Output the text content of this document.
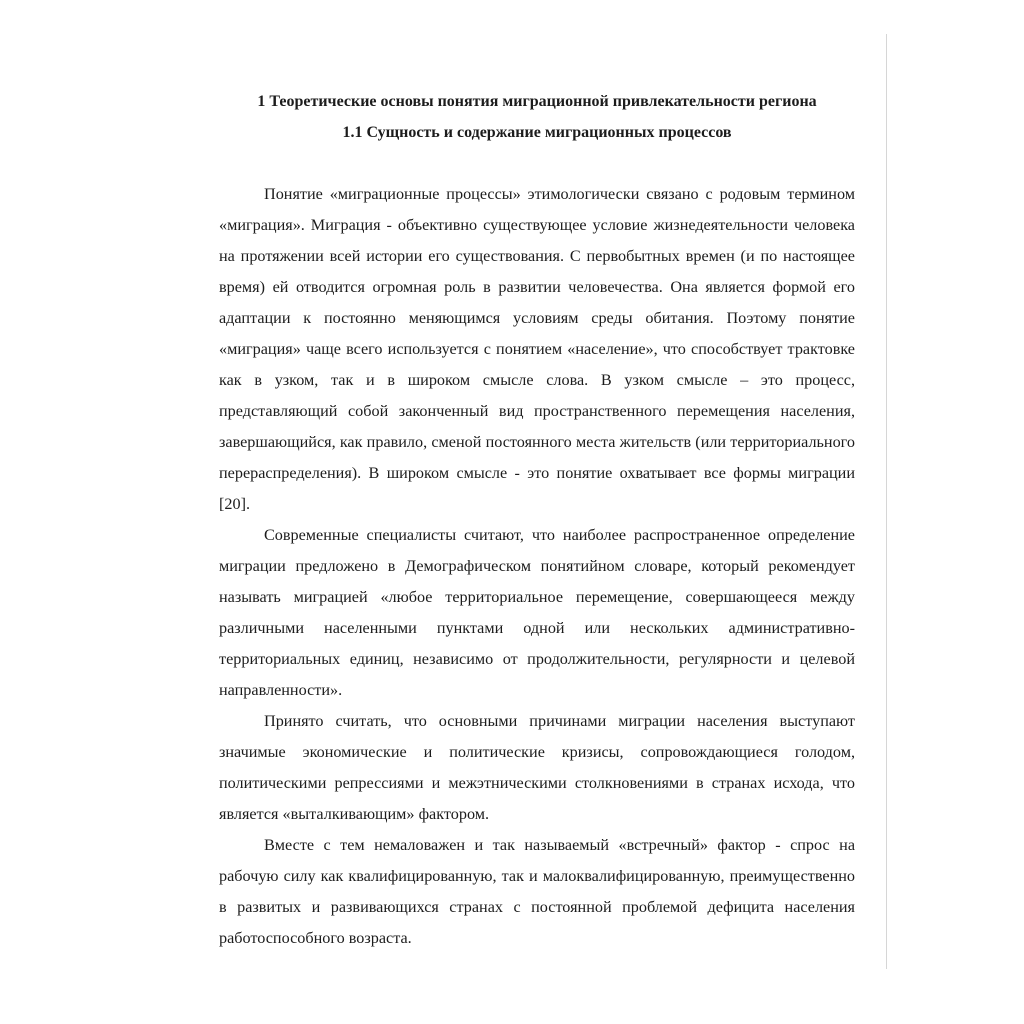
1 Теоретические основы понятия миграционной привлекательности региона

1.1 Сущность и содержание миграционных процессов

Понятие «миграционные процессы» этимологически связано с родовым термином «миграция». Миграция - объективно существующее условие жизнедеятельности человека на протяжении всей истории его существования. С первобытных времен (и по настоящее время) ей отводится огромная роль в развитии человечества. Она является формой его адаптации к постоянно меняющимся условиям среды обитания. Поэтому понятие «миграция» чаще всего используется с понятием «население», что способствует трактовке как в узком, так и в широком смысле слова. В узком смысле – это процесс, представляющий собой законченный вид пространственного перемещения населения, завершающийся, как правило, сменой постоянного места жительств (или территориального перераспределения). В широком смысле - это понятие охватывает все формы миграции [20].

Современные специалисты считают, что наиболее распространенное определение миграции предложено в Демографическом понятийном словаре, который рекомендует называть миграцией «любое территориальное перемещение, совершающееся между различными населенными пунктами одной или нескольких административно-территориальных единиц, независимо от продолжительности, регулярности и целевой направленности».

Принято считать, что основными причинами миграции населения выступают значимые экономические и политические кризисы, сопровождающиеся голодом, политическими репрессиями и межэтническими столкновениями в странах исхода, что является «выталкивающим» фактором.

Вместе с тем немаловажен и так называемый «встречный» фактор - спрос на рабочую силу как квалифицированную, так и малоквалифицированную, преимущественно в развитых и развивающихся странах с постоянной проблемой дефицита населения работоспособного возраста.
